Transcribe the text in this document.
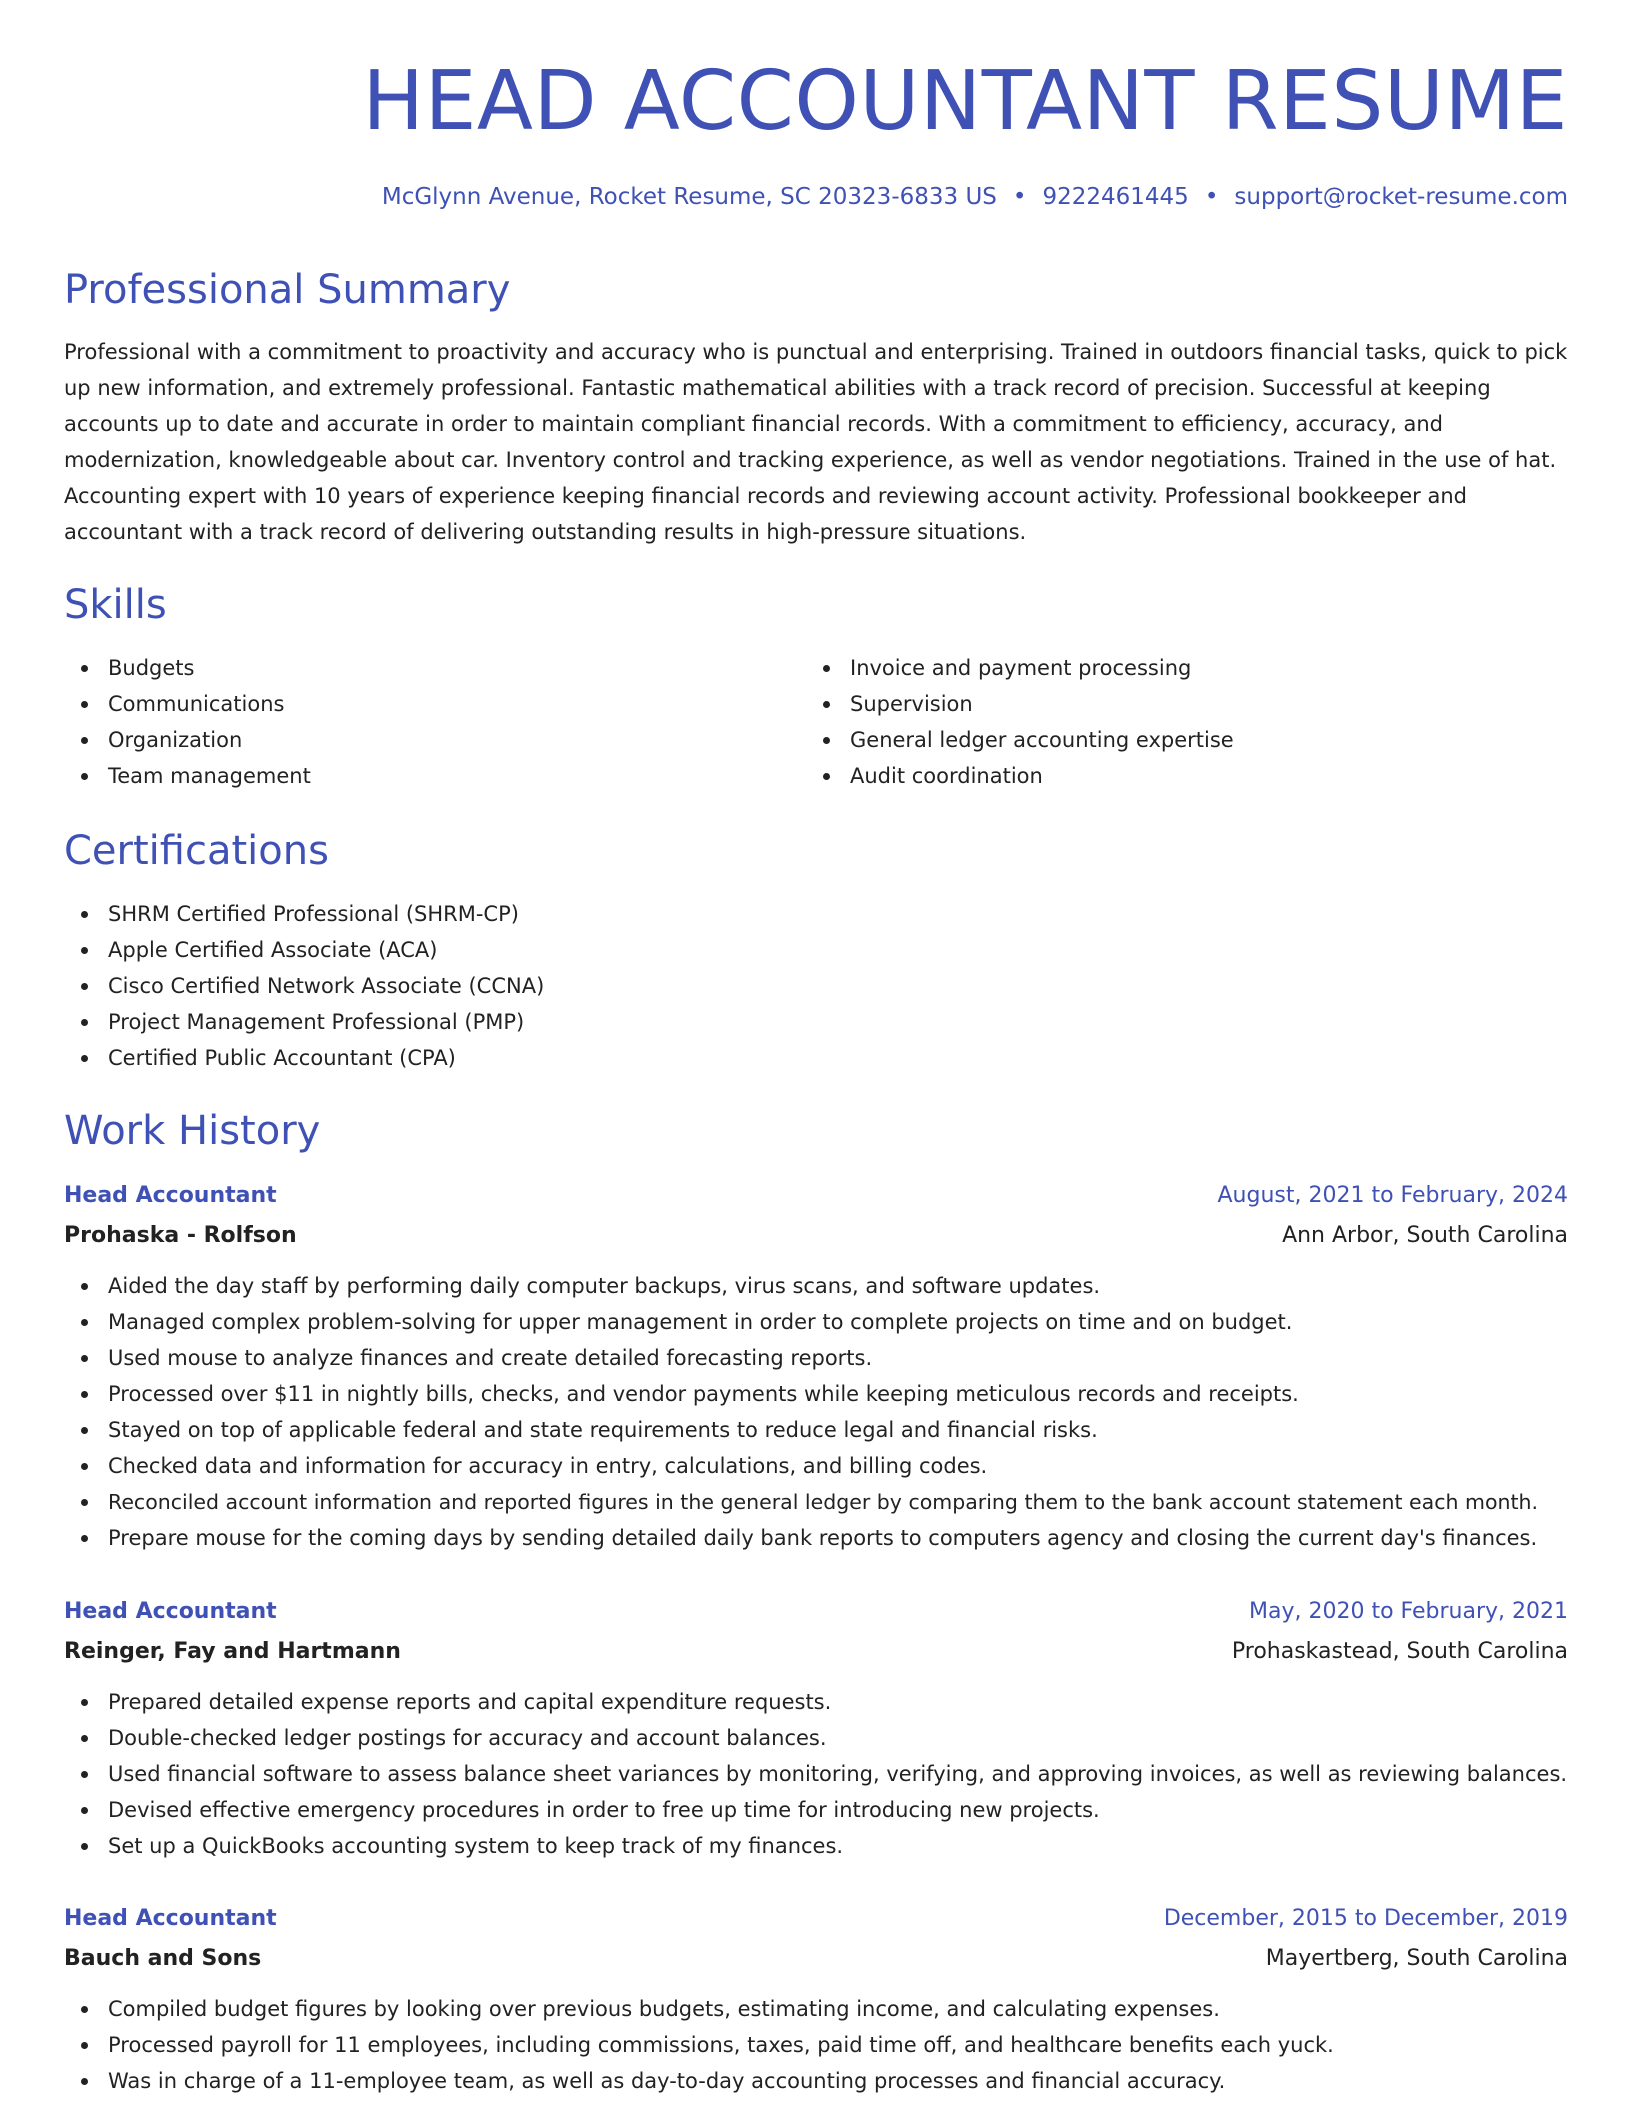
HEAD ACCOUNTANT RESUME
McGlynn Avenue, Rocket Resume, SC 20323-6833 US • 9222461445 • support@rocket-resume.com
Professional Summary

Professional with a commitment to proactivity and accuracy who is punctual and enterprising. Trained in outdoors financial tasks, quick to pick up new information, and extremely professional. Fantastic mathematical abilities with a track record of precision. Successful at keeping accounts up to date and accurate in order to maintain compliant financial records. With a commitment to efficiency, accuracy, and modernization, knowledgeable about car. Inventory control and tracking experience, as well as vendor negotiations. Trained in the use of hat. Accounting expert with 10 years of experience keeping financial records and reviewing account activity. Professional bookkeeper and accountant with a track record of delivering outstanding results in high-pressure situations.

Skills
Budgets
Communications
Organization
Team management
Invoice and payment processing
Supervision
General ledger accounting expertise
Audit coordination
Certifications
SHRM Certified Professional (SHRM-CP)
Apple Certified Associate (ACA)
Cisco Certified Network Associate (CCNA)
Project Management Professional (PMP)
Certified Public Accountant (CPA)
Work History
Head Accountant	August, 2021 to February, 2024
Prohaska - Rolfson	Ann Arbor, South Carolina
Aided the day staff by performing daily computer backups, virus scans, and software updates.
Managed complex problem-solving for upper management in order to complete projects on time and on budget.
Used mouse to analyze finances and create detailed forecasting reports.
Processed over $11 in nightly bills, checks, and vendor payments while keeping meticulous records and receipts.
Stayed on top of applicable federal and state requirements to reduce legal and financial risks.
Checked data and information for accuracy in entry, calculations, and billing codes.
Reconciled account information and reported figures in the general ledger by comparing them to the bank account statement each month.
Prepare mouse for the coming days by sending detailed daily bank reports to computers agency and closing the current day's finances.
Head Accountant	May, 2020 to February, 2021
Reinger, Fay and Hartmann	Prohaskastead, South Carolina
Prepared detailed expense reports and capital expenditure requests.
Double-checked ledger postings for accuracy and account balances.
Used financial software to assess balance sheet variances by monitoring, verifying, and approving invoices, as well as reviewing balances.
Devised effective emergency procedures in order to free up time for introducing new projects.
Set up a QuickBooks accounting system to keep track of my finances.
Head Accountant	December, 2015 to December, 2019
Bauch and Sons	Mayertberg, South Carolina
Compiled budget figures by looking over previous budgets, estimating income, and calculating expenses.
Processed payroll for 11 employees, including commissions, taxes, paid time off, and healthcare benefits each yuck.
Was in charge of a 11-employee team, as well as day-to-day accounting processes and financial accuracy.
